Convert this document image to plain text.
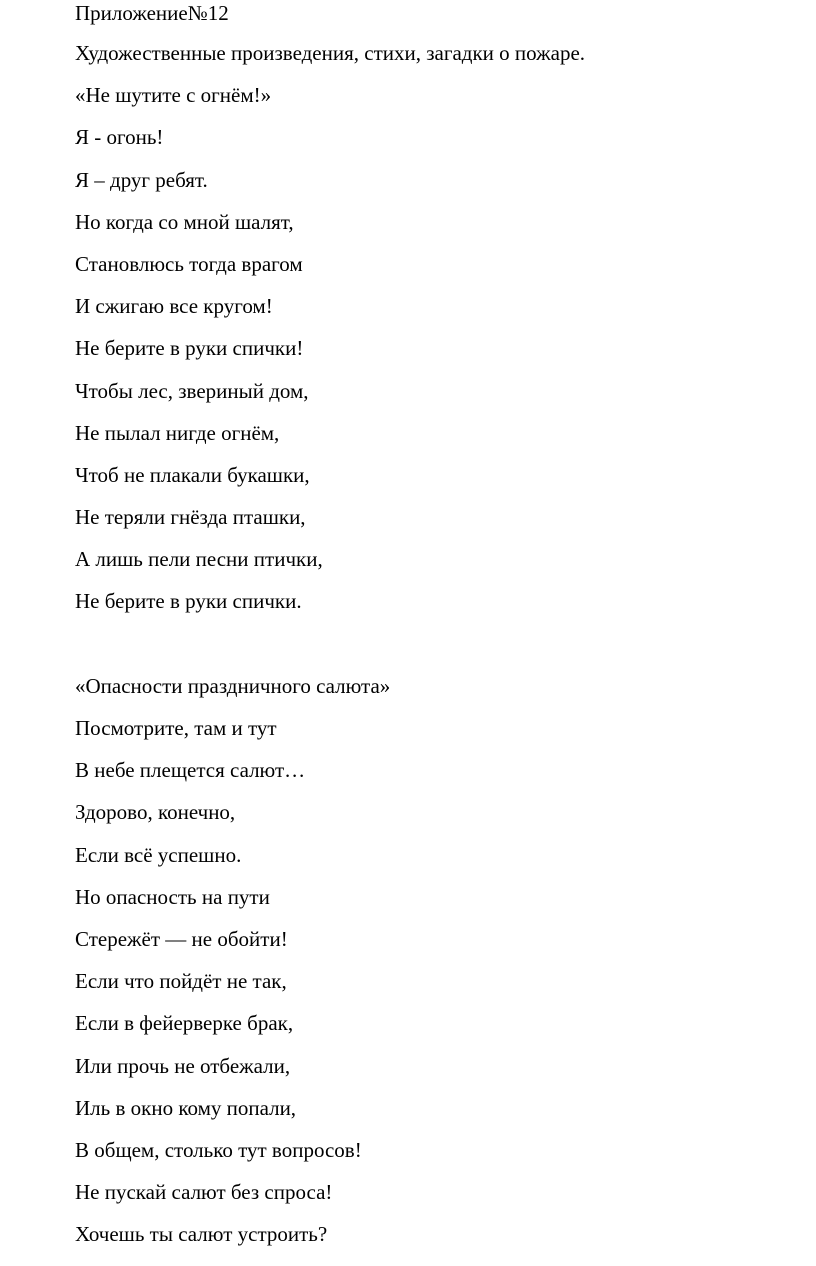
Приложение№12
Художественные произведения, стихи, загадки о пожаре.
«Не шутите с огнём!»
Я - огонь!
Я – друг ребят.
Но когда со мной шалят,
Становлюсь тогда врагом
И сжигаю все кругом!
Не берите в руки спички!
Чтобы лес, звериный дом,
Не пылал нигде огнём,
Чтоб не плакали букашки,
Не теряли гнёзда пташки,
А лишь пели песни птички,
Не берите в руки спички.
«Опасности праздничного салюта»
Посмотрите, там и тут
В небе плещется салют…
Здорово, конечно,
Если всё успешно.
Но опасность на пути
Стережёт — не обойти!
Если что пойдёт не так,
Если в фейерверке брак,
Или прочь не отбежали,
Иль в окно кому попали,
В общем, столько тут вопросов!
Не пускай салют без спроса!
Хочешь ты салют устроить?
